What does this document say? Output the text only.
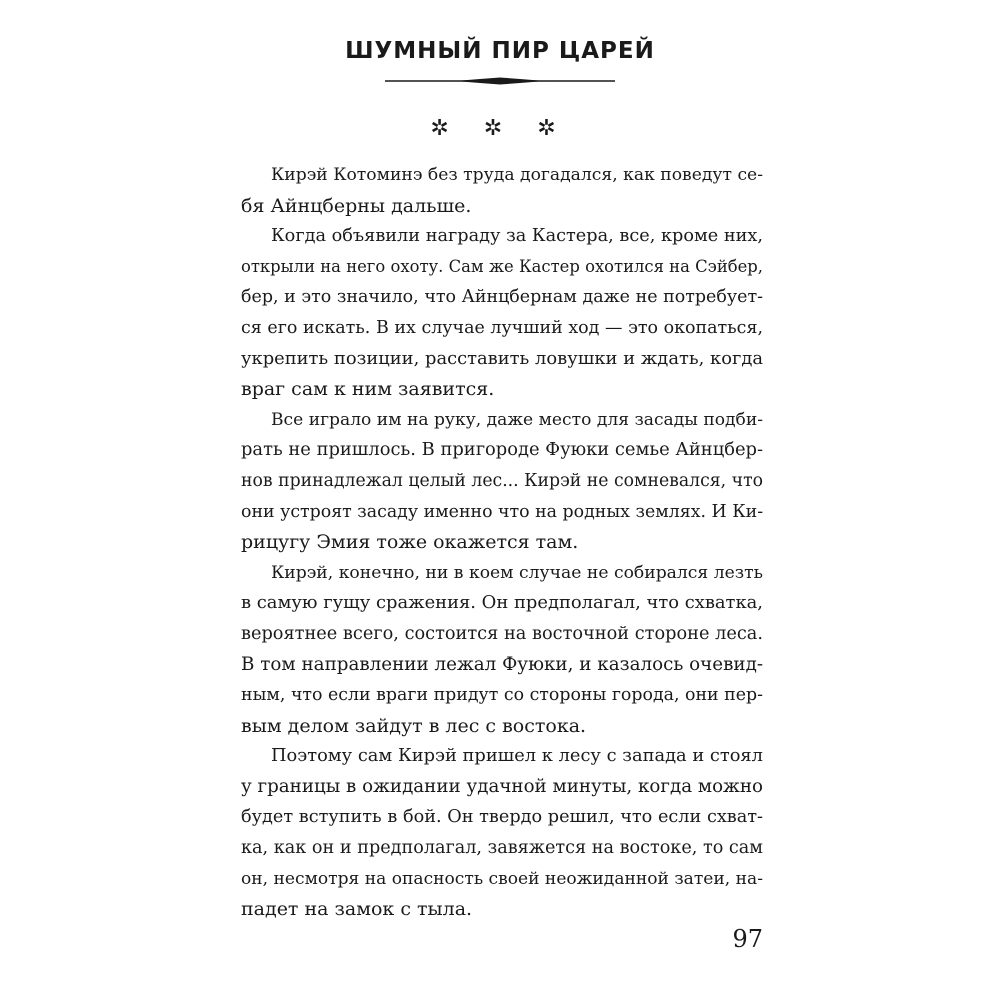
ШУМНЫЙ ПИР ЦАРЕЙ
✲ ✲ ✲

Кирэй Котоминэ без труда догадался, как поведут се-
бя Айнцберны дальше.

Когда объявили награду за Кастера, все, кроме них,
открыли на него охоту. Сам же Кастер охотился на Сэйбер,
бер, и это значило, что Айнцбернам даже не потребует-
ся его искать. В их случае лучший ход — это окопаться,
укрепить позиции, расставить ловушки и ждать, когда
враг сам к ним заявится.

Все играло им на руку, даже место для засады подби-
рать не пришлось. В пригороде Фуюки семье Айнцбер-
нов принадлежал целый лес... Кирэй не сомневался, что
они устроят засаду именно что на родных землях. И Ки-
рицугу Эмия тоже окажется там.

Кирэй, конечно, ни в коем случае не собирался лезть
в самую гущу сражения. Он предполагал, что схватка,
вероятнее всего, состоится на восточной стороне леса.
В том направлении лежал Фуюки, и казалось очевид-
ным, что если враги придут со стороны города, они пер-
вым делом зайдут в лес с востока.

Поэтому сам Кирэй пришел к лесу с запада и стоял
у границы в ожидании удачной минуты, когда можно
будет вступить в бой. Он твердо решил, что если схват-
ка, как он и предполагал, завяжется на востоке, то сам
он, несмотря на опасность своей неожиданной затеи, на-
падет на замок с тыла.

97
